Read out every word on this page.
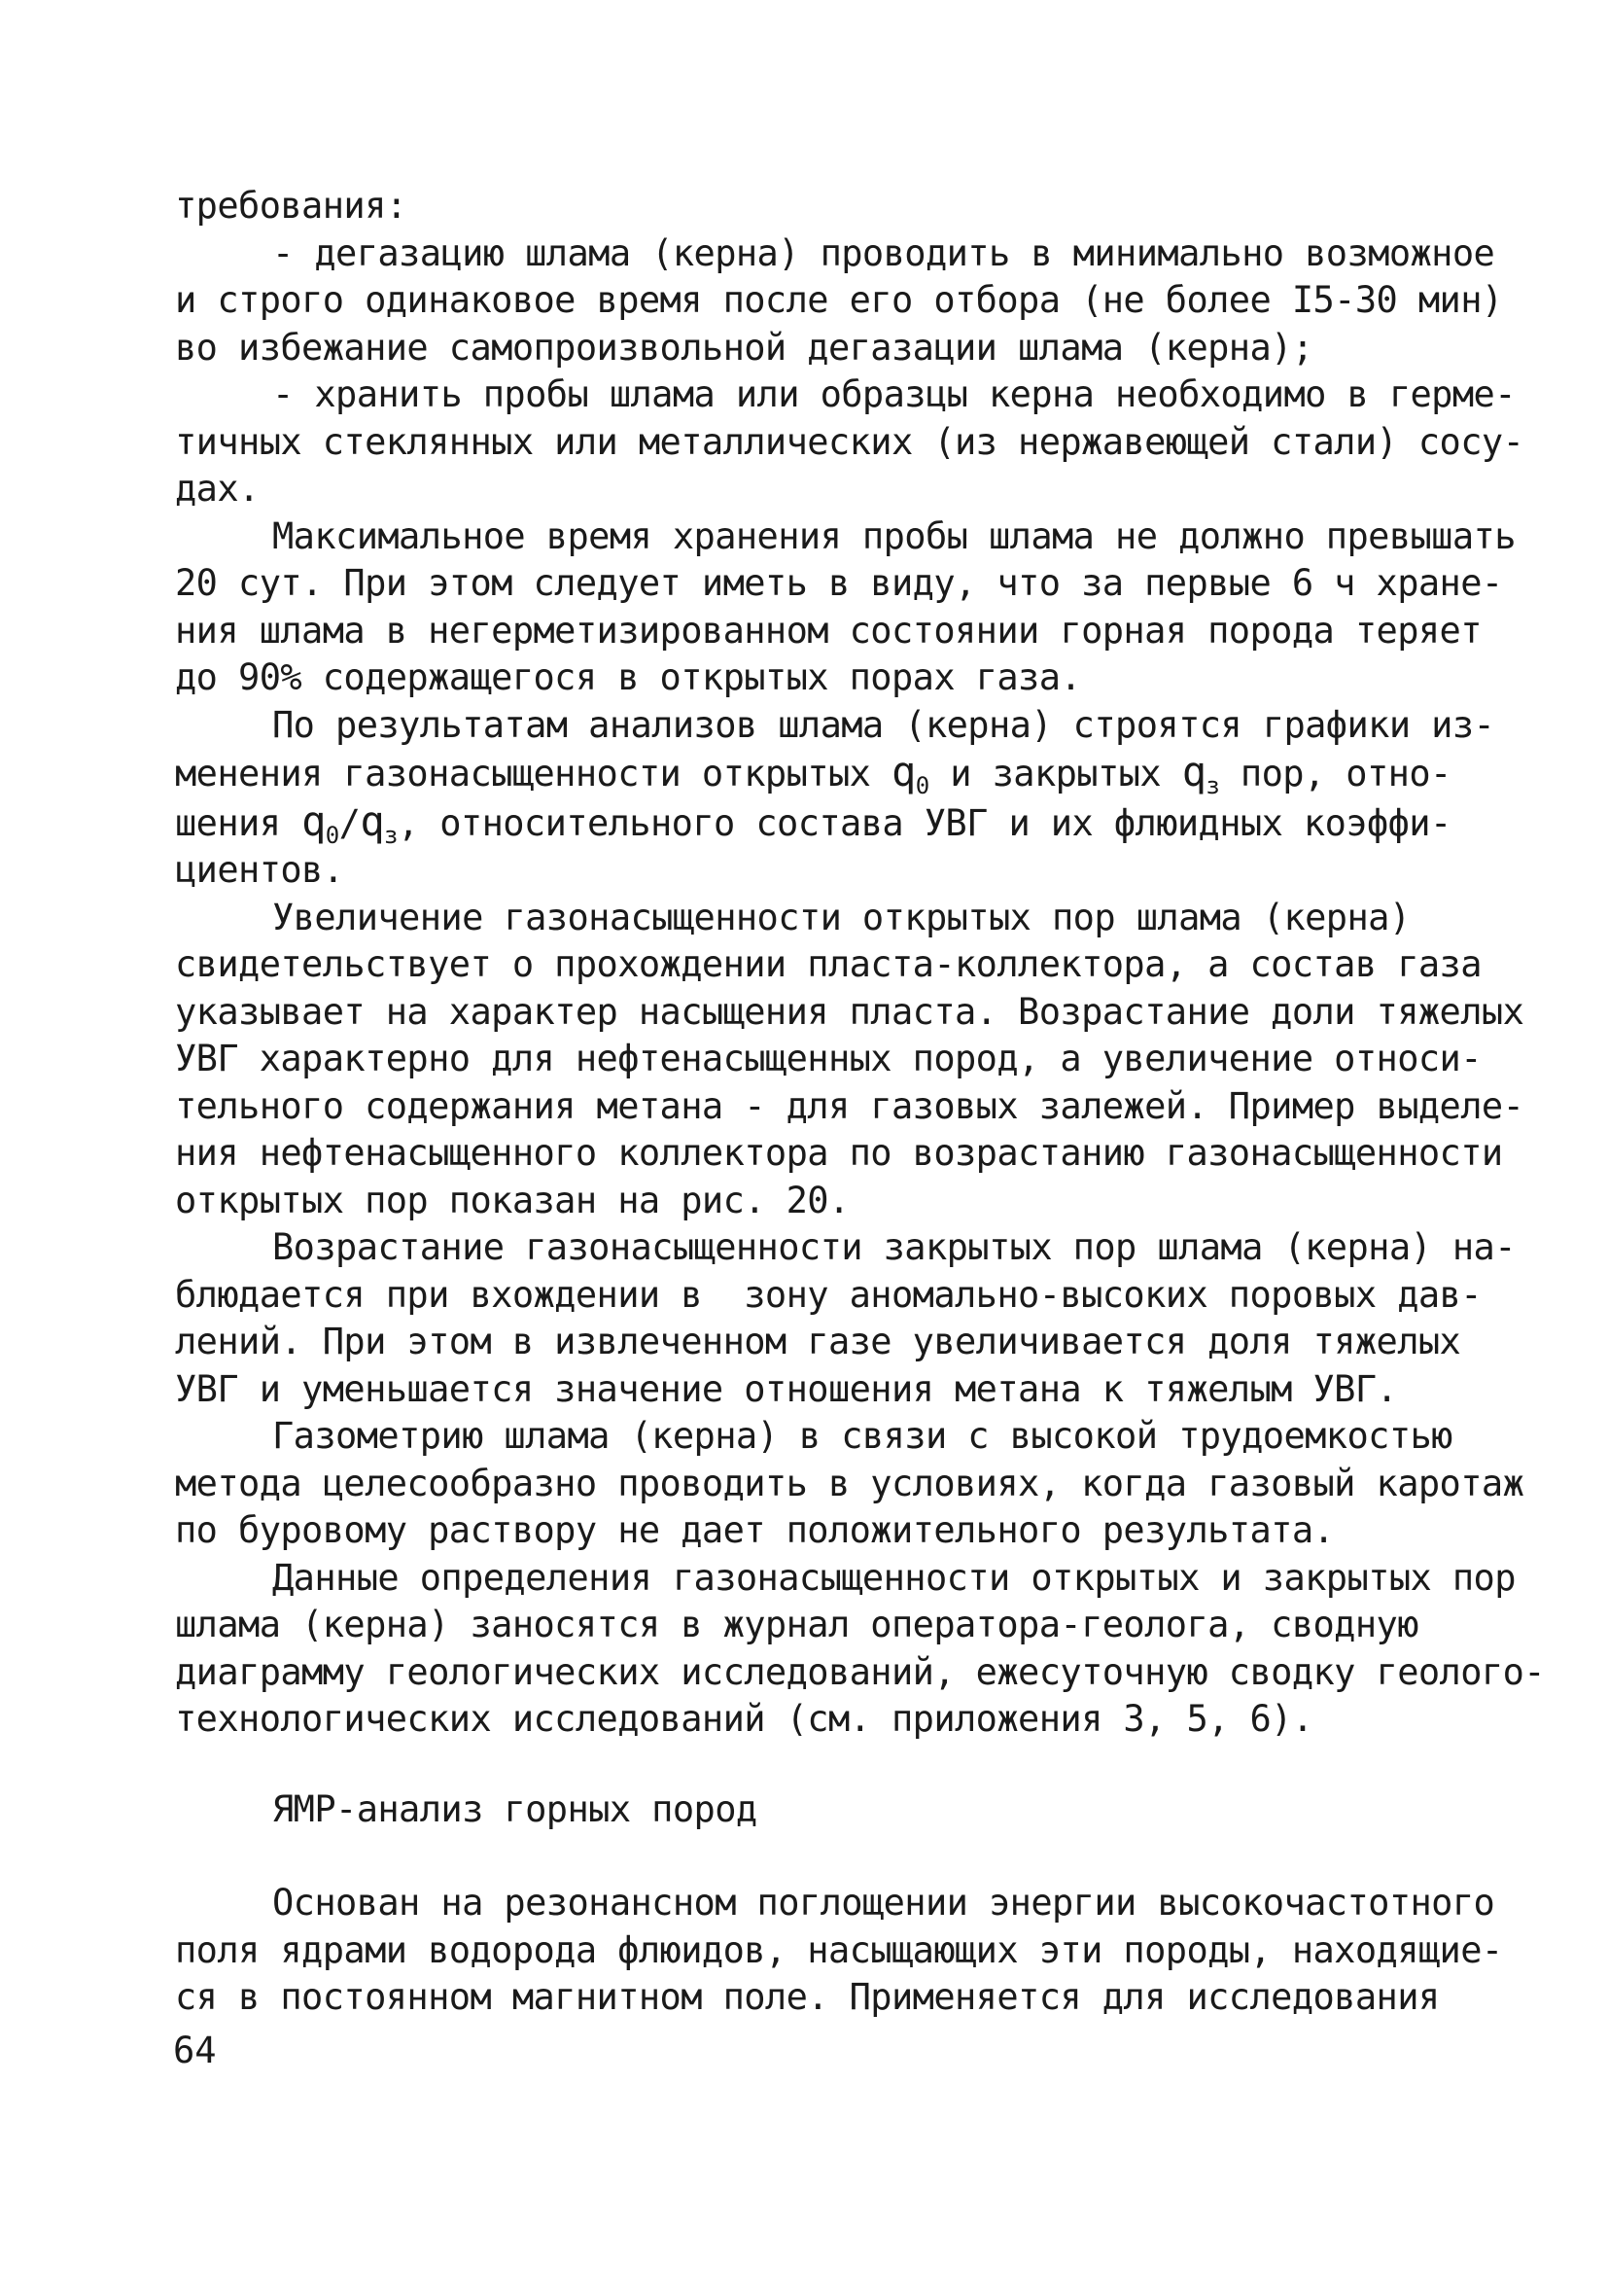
требования:
- дегазацию шлама (керна) проводить в минимально возможное
и строго одинаковое время после его отбора (не более I5-30 мин)
во избежание самопроизвольной дегазации шлама (керна);
- хранить пробы шлама или образцы керна необходимо в герме-
тичных стеклянных или металлических (из нержавеющей стали) сосу-
дах.
Максимальное время хранения пробы шлама не должно превышать
20 сут. При этом следует иметь в виду, что за первые 6 ч хране-
ния шлама в негерметизированном состоянии горная порода теряет
до 90% содержащегося в открытых порах газа.
По результатам анализов шлама (керна) строятся графики из-
менения газонасыщенности открытых $q_0$ и закрытых $q_з$ пор, отно-
шения $q_0/q_з$, относительного состава УВГ и их флюидных коэффи-
циентов.
Увеличение газонасыщенности открытых пор шлама (керна)
свидетельствует о прохождении пласта-коллектора, а состав газа
указывает на характер насыщения пласта. Возрастание доли тяжелых
УВГ характерно для нефтенасыщенных пород, а увеличение относи-
тельного содержания метана - для газовых залежей. Пример выделе-
ния нефтенасыщенного коллектора по возрастанию газонасыщенности
открытых пор показан на рис. 20.
Возрастание газонасыщенности закрытых пор шлама (керна) на-
блюдается при вхождении в  зону аномально-высоких поровых дав-
лений. При этом в извлеченном газе увеличивается доля тяжелых
УВГ и уменьшается значение отношения метана к тяжелым УВГ.
Газометрию шлама (керна) в связи с высокой трудоемкостью
метода целесообразно проводить в условиях, когда газовый каротаж
по буровому раствору не дает положительного результата.
Данные определения газонасыщенности открытых и закрытых пор
шлама (керна) заносятся в журнал оператора-геолога, сводную
диаграмму геологических исследований, ежесуточную сводку геолого-
технологических исследований (см. приложения 3, 5, 6).
ЯМР-анализ горных пород
Основан на резонансном поглощении энергии высокочастотного
поля ядрами водорода флюидов, насыщающих эти породы, находящие-
ся в постоянном магнитном поле. Применяется для исследования
64
